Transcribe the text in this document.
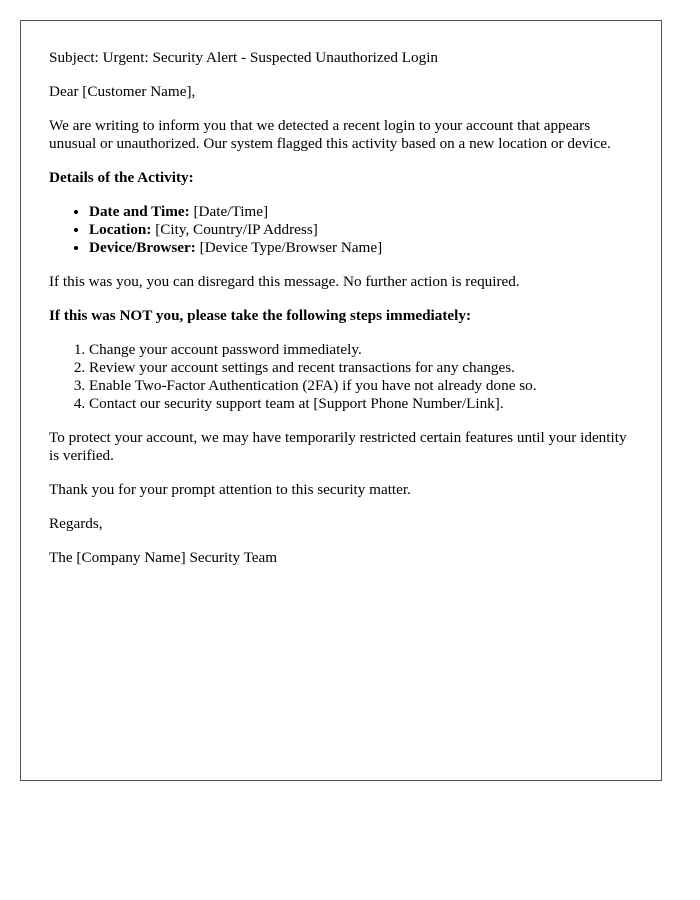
Subject: Urgent: Security Alert - Suspected Unauthorized Login

Dear [Customer Name],

We are writing to inform you that we detected a recent login to your account that appears unusual or unauthorized. Our system flagged this activity based on a new location or device.

Details of the Activity:

• Date and Time: [Date/Time]
• Location: [City, Country/IP Address]
• Device/Browser: [Device Type/Browser Name]

If this was you, you can disregard this message. No further action is required.

If this was NOT you, please take the following steps immediately:

1. Change your account password immediately.
2. Review your account settings and recent transactions for any changes.
3. Enable Two-Factor Authentication (2FA) if you have not already done so.
4. Contact our security support team at [Support Phone Number/Link].

To protect your account, we may have temporarily restricted certain features until your identity is verified.

Thank you for your prompt attention to this security matter.

Regards,

The [Company Name] Security Team
